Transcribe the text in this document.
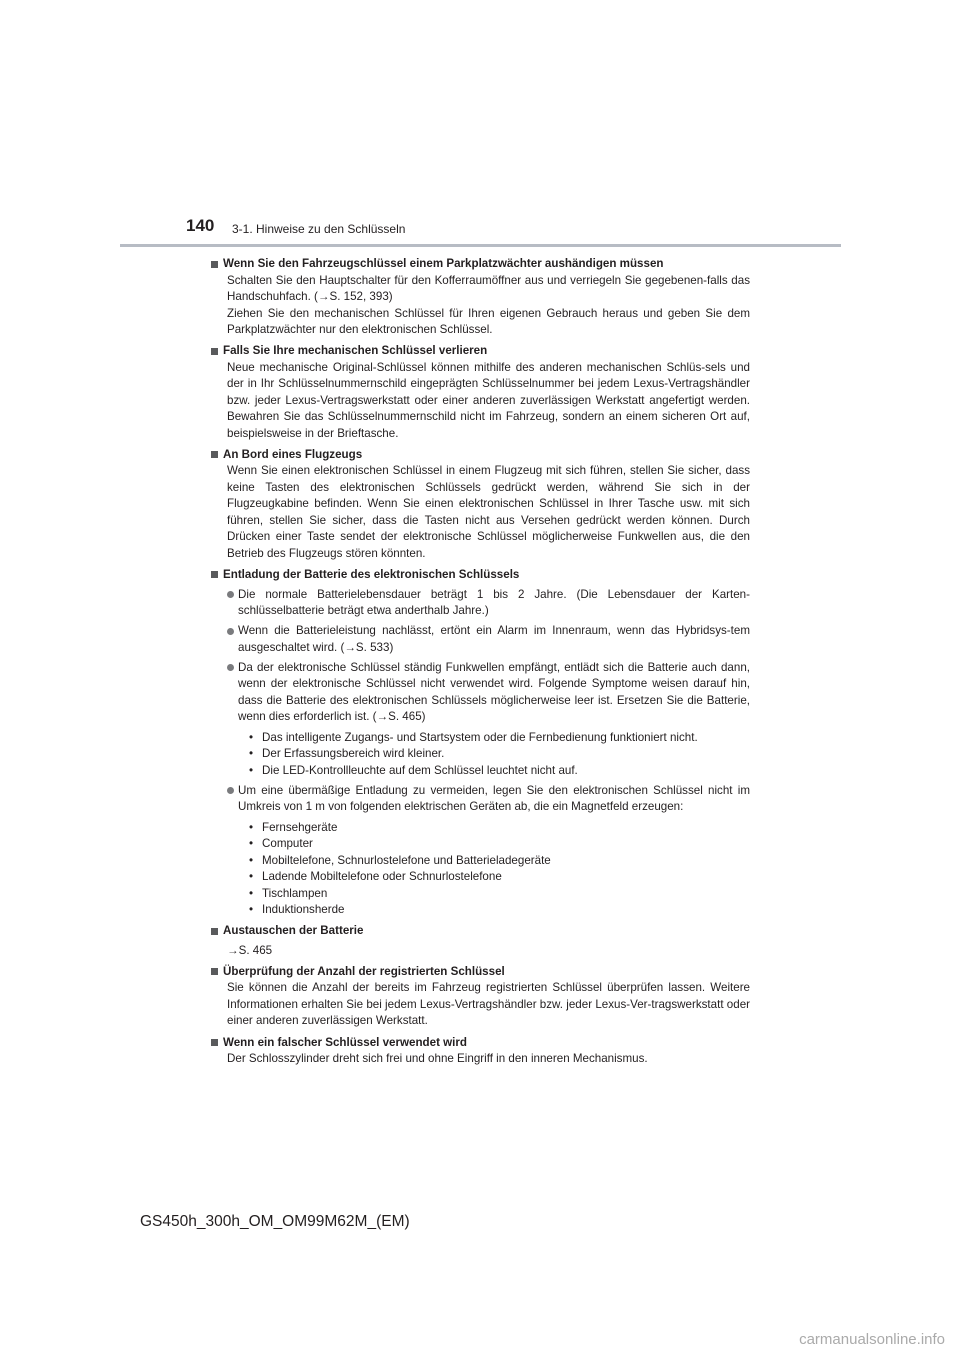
140 3-1. Hinweise zu den Schlüsseln
Wenn Sie den Fahrzeugschlüssel einem Parkplatzwächter aushändigen müssen

Schalten Sie den Hauptschalter für den Kofferraumöffner aus und verriegeln Sie gegebenen-falls das Handschuhfach. (→S. 152, 393)

Ziehen Sie den mechanischen Schlüssel für Ihren eigenen Gebrauch heraus und geben Sie dem Parkplatzwächter nur den elektronischen Schlüssel.

Falls Sie Ihre mechanischen Schlüssel verlieren

Neue mechanische Original-Schlüssel können mithilfe des anderen mechanischen Schlüs-sels und der in Ihr Schlüsselnummernschild eingeprägten Schlüsselnummer bei jedem Lexus-Vertragshändler bzw. jeder Lexus-Vertragswerkstatt oder einer anderen zuverlässigen Werkstatt angefertigt werden. Bewahren Sie das Schlüsselnummernschild nicht im Fahrzeug, sondern an einem sicheren Ort auf, beispielsweise in der Brieftasche.

An Bord eines Flugzeugs

Wenn Sie einen elektronischen Schlüssel in einem Flugzeug mit sich führen, stellen Sie sicher, dass keine Tasten des elektronischen Schlüssels gedrückt werden, während Sie sich in der Flugzeugkabine befinden. Wenn Sie einen elektronischen Schlüssel in Ihrer Tasche usw. mit sich führen, stellen Sie sicher, dass die Tasten nicht aus Versehen gedrückt werden können. Durch Drücken einer Taste sendet der elektronische Schlüssel möglicherweise Funkwellen aus, die den Betrieb des Flugzeugs stören könnten.

Entladung der Batterie des elektronischen Schlüssels
Die normale Batterielebensdauer beträgt 1 bis 2 Jahre. (Die Lebensdauer der Karten-schlüsselbatterie beträgt etwa anderthalb Jahre.)
Wenn die Batterieleistung nachlässt, ertönt ein Alarm im Innenraum, wenn das Hybridsys-tem ausgeschaltet wird. (→S. 533)
Da der elektronische Schlüssel ständig Funkwellen empfängt, entlädt sich die Batterie auch dann, wenn der elektronische Schlüssel nicht verwendet wird. Folgende Symptome weisen darauf hin, dass die Batterie des elektronischen Schlüssels möglicherweise leer ist. Ersetzen Sie die Batterie, wenn dies erforderlich ist. (→S. 465)
• Das intelligente Zugangs- und Startsystem oder die Fernbedienung funktioniert nicht.
• Der Erfassungsbereich wird kleiner.
• Die LED-Kontrollleuchte auf dem Schlüssel leuchtet nicht auf.
Um eine übermäßige Entladung zu vermeiden, legen Sie den elektronischen Schlüssel nicht im Umkreis von 1 m von folgenden elektrischen Geräten ab, die ein Magnetfeld erzeugen:
• Fernsehgeräte
• Computer
• Mobiltelefone, Schnurlostelefone und Batterieladegeräte
• Ladende Mobiltelefone oder Schnurlostelefone
• Tischlampen
• Induktionsherde
Austauschen der Batterie

→S. 465

Überprüfung der Anzahl der registrierten Schlüssel

Sie können die Anzahl der bereits im Fahrzeug registrierten Schlüssel überprüfen lassen. Weitere Informationen erhalten Sie bei jedem Lexus-Vertragshändler bzw. jeder Lexus-Ver-tragswerkstatt oder einer anderen zuverlässigen Werkstatt.

Wenn ein falscher Schlüssel verwendet wird

Der Schlosszylinder dreht sich frei und ohne Eingriff in den inneren Mechanismus.

GS450h_300h_OM_OM99M62M_(EM)
carmanualsonline.info
